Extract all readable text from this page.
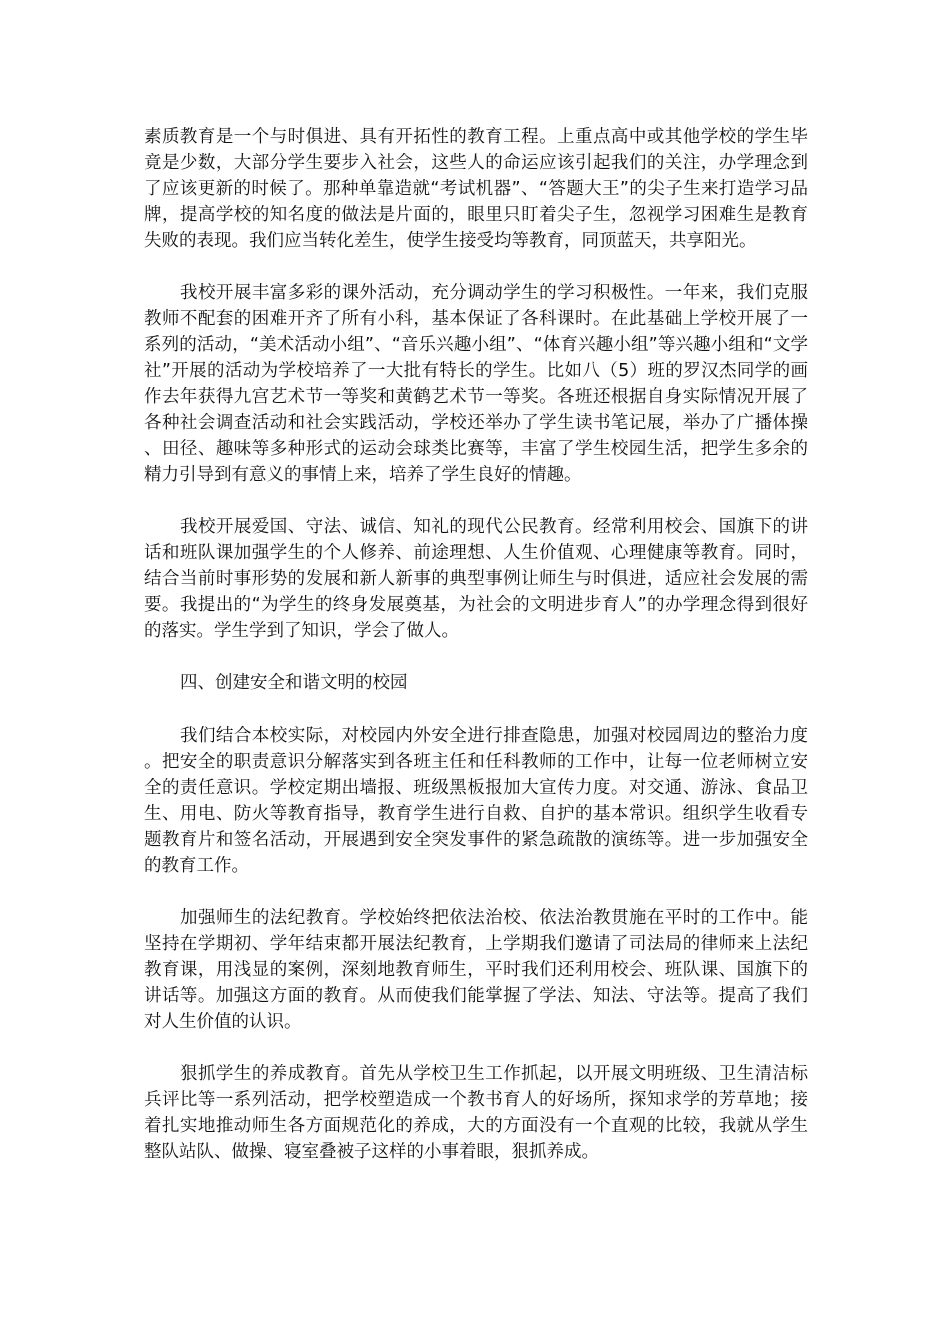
素质教育是一个与时俱进、具有开拓性的教育工程。上重点高中或其他学校的学生毕竟是少数，大部分学生要步入社会，这些人的命运应该引起我们的关注，办学理念到了应该更新的时候了。那种单靠造就“考试机器”、“答题大王”的尖子生来打造学习品牌，提高学校的知名度的做法是片面的，眼里只盯着尖子生，忽视学习困难生是教育失败的表现。我们应当转化差生，使学生接受均等教育，同顶蓝天，共享阳光。

我校开展丰富多彩的课外活动，充分调动学生的学习积极性。一年来，我们克服教师不配套的困难开齐了所有小科，基本保证了各科课时。在此基础上学校开展了一系列的活动，“美术活动小组”、“音乐兴趣小组”、“体育兴趣小组”等兴趣小组和“文学社”开展的活动为学校培养了一大批有特长的学生。比如八（5）班的罗汉杰同学的画作去年获得九宫艺术节一等奖和黄鹤艺术节一等奖。各班还根据自身实际情况开展了各种社会调查活动和社会实践活动，学校还举办了学生读书笔记展，举办了广播体操、田径、趣味等多种形式的运动会球类比赛等，丰富了学生校园生活，把学生多余的精力引导到有意义的事情上来，培养了学生良好的情趣。

我校开展爱国、守法、诚信、知礼的现代公民教育。经常利用校会、国旗下的讲话和班队课加强学生的个人修养、前途理想、人生价值观、心理健康等教育。同时，结合当前时事形势的发展和新人新事的典型事例让师生与时俱进，适应社会发展的需要。我提出的“为学生的终身发展奠基，为社会的文明进步育人”的办学理念得到很好的落实。学生学到了知识，学会了做人。

四、创建安全和谐文明的校园

我们结合本校实际，对校园内外安全进行排查隐患，加强对校园周边的整治力度。把安全的职责意识分解落实到各班主任和任科教师的工作中，让每一位老师树立安全的责任意识。学校定期出墙报、班级黑板报加大宣传力度。对交通、游泳、食品卫生、用电、防火等教育指导，教育学生进行自救、自护的基本常识。组织学生收看专题教育片和签名活动，开展遇到安全突发事件的紧急疏散的演练等。进一步加强安全的教育工作。

加强师生的法纪教育。学校始终把依法治校、依法治教贯施在平时的工作中。能坚持在学期初、学年结束都开展法纪教育，上学期我们邀请了司法局的律师来上法纪教育课，用浅显的案例，深刻地教育师生，平时我们还利用校会、班队课、国旗下的讲话等。加强这方面的教育。从而使我们能掌握了学法、知法、守法等。提高了我们对人生价值的认识。

狠抓学生的养成教育。首先从学校卫生工作抓起，以开展文明班级、卫生清洁标兵评比等一系列活动，把学校塑造成一个教书育人的好场所，探知求学的芳草地；接着扎实地推动师生各方面规范化的养成，大的方面没有一个直观的比较，我就从学生整队站队、做操、寝室叠被子这样的小事着眼，狠抓养成。
